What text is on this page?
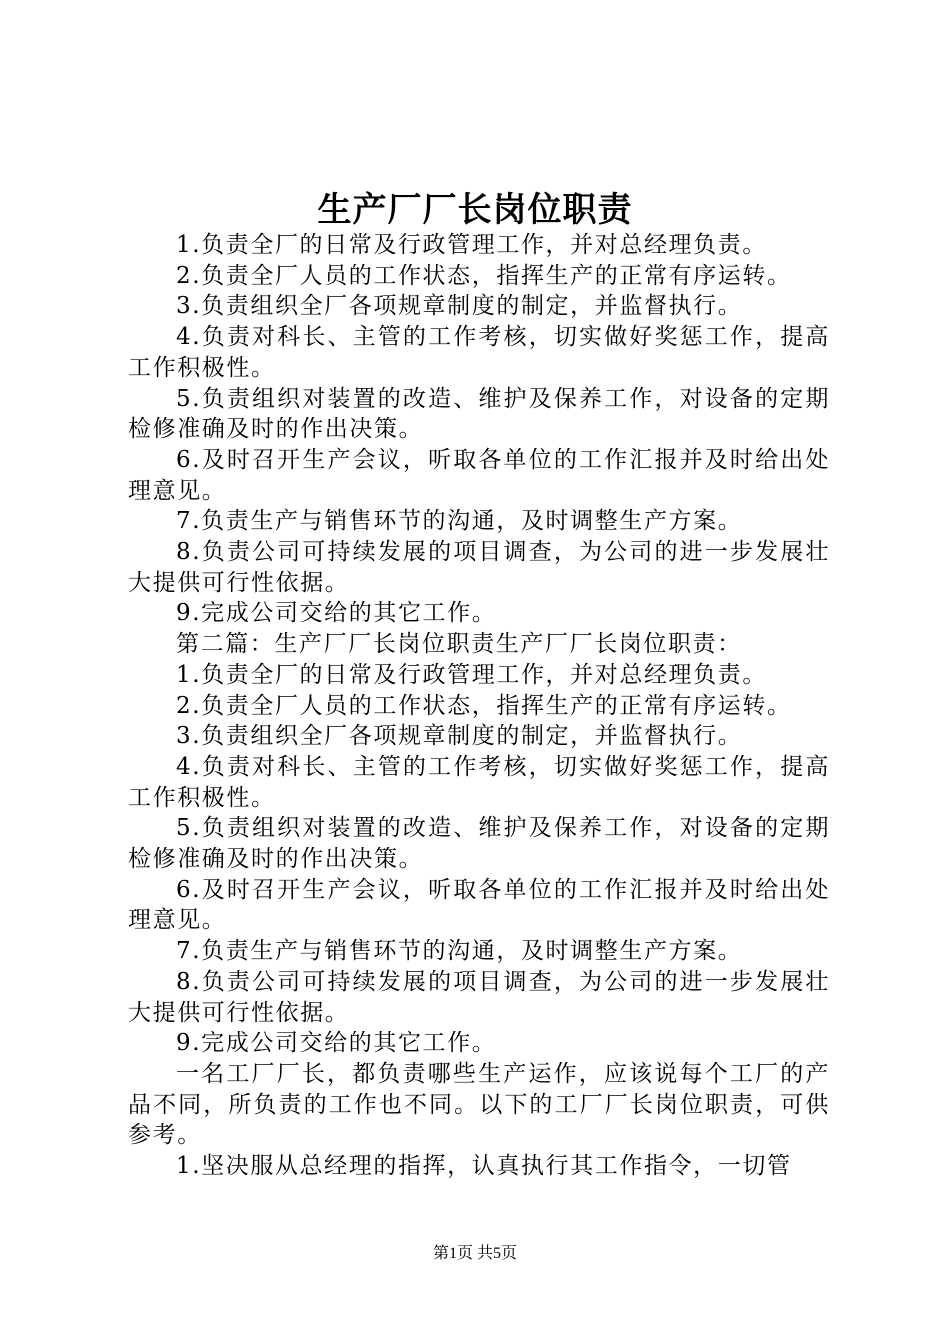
生产厂厂长岗位职责

1.负责全厂的日常及行政管理工作，并对总经理负责。

2.负责全厂人员的工作状态，指挥生产的正常有序运转。

3.负责组织全厂各项规章制度的制定，并监督执行。

4.负责对科长、主管的工作考核，切实做好奖惩工作，提高工作积极性。

5.负责组织对装置的改造、维护及保养工作，对设备的定期检修准确及时的作出决策。

6.及时召开生产会议，听取各单位的工作汇报并及时给出处理意见。

7.负责生产与销售环节的沟通，及时调整生产方案。

8.负责公司可持续发展的项目调查，为公司的进一步发展壮大提供可行性依据。

9.完成公司交给的其它工作。

第二篇：生产厂厂长岗位职责生产厂厂长岗位职责：

1.负责全厂的日常及行政管理工作，并对总经理负责。

2.负责全厂人员的工作状态，指挥生产的正常有序运转。

3.负责组织全厂各项规章制度的制定，并监督执行。

4.负责对科长、主管的工作考核，切实做好奖惩工作，提高工作积极性。

5.负责组织对装置的改造、维护及保养工作，对设备的定期检修准确及时的作出决策。

6.及时召开生产会议，听取各单位的工作汇报并及时给出处理意见。

7.负责生产与销售环节的沟通，及时调整生产方案。

8.负责公司可持续发展的项目调查，为公司的进一步发展壮大提供可行性依据。

9.完成公司交给的其它工作。

一名工厂厂长，都负责哪些生产运作，应该说每个工厂的产品不同，所负责的工作也不同。以下的工厂厂长岗位职责，可供参考。

1.坚决服从总经理的指挥，认真执行其工作指令，一切管

第1页 共5页
